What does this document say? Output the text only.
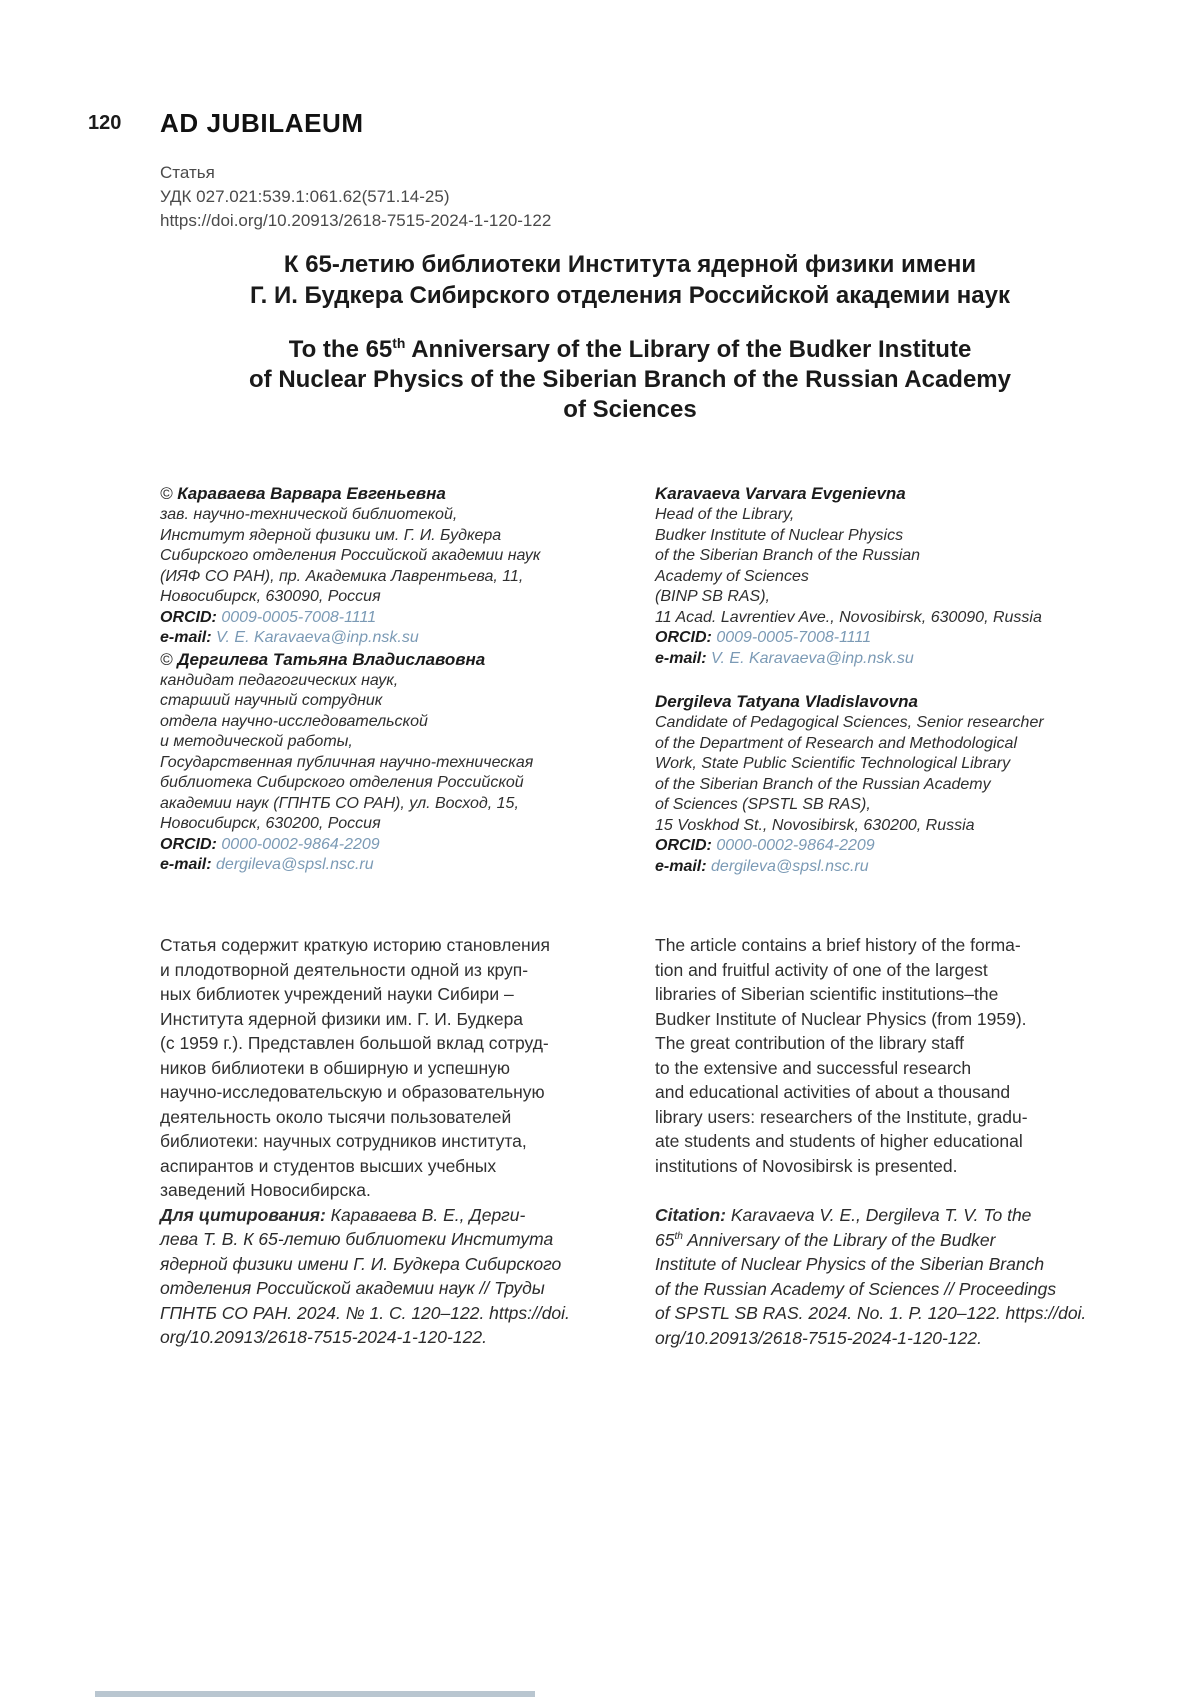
120 AD JUBILAEUM
Статья
УДК 027.021:539.1:061.62(571.14-25)
https://doi.org/10.20913/2618-7515-2024-1-120-122
К 65-летию библиотеки Института ядерной физики имени
Г. И. Будкера Сибирского отделения Российской академии наук
To the 65th Anniversary of the Library of the Budker Institute
of Nuclear Physics of the Siberian Branch of the Russian Academy
of Sciences
© Караваева Варвара Евгеньевна
зав. научно-технической библиотекой,
Институт ядерной физики им. Г. И. Будкера
Сибирского отделения Российской академии наук
(ИЯФ СО РАН), пр. Академика Лаврентьева, 11,
Новосибирск, 630090, Россия
ORCID: 0009-0005-7008-1111
e-mail: V. E. Karavaeva@inp.nsk.su
© Дергилева Татьяна Владиславовна
кандидат педагогических наук,
старший научный сотрудник
отдела научно-исследовательской
и методической работы,
Государственная публичная научно-техническая
библиотека Сибирского отделения Российской
академии наук (ГПНТБ СО РАН), ул. Восход, 15,
Новосибирск, 630200, Россия
ORCID: 0000-0002-9864-2209
e-mail: dergileva@spsl.nsc.ru
Karavaeva Varvara Evgenievna
Head of the Library,
Budker Institute of Nuclear Physics
of the Siberian Branch of the Russian
Academy of Sciences
(BINP SB RAS),
11 Acad. Lavrentiev Ave., Novosibirsk, 630090, Russia
ORCID: 0009-0005-7008-1111
e-mail: V. E. Karavaeva@inp.nsk.su
Dergileva Tatyana Vladislavovna
Candidate of Pedagogical Sciences, Senior researcher
of the Department of Research and Methodological
Work, State Public Scientific Technological Library
of the Siberian Branch of the Russian Academy
of Sciences (SPSTL SB RAS),
15 Voskhod St., Novosibirsk, 630200, Russia
ORCID: 0000-0002-9864-2209
e-mail: dergileva@spsl.nsc.ru
Статья содержит краткую историю становления
и плодотворной деятельности одной из круп-
ных библиотек учреждений науки Сибири –
Института ядерной физики им. Г. И. Будкера
(с 1959 г.). Представлен большой вклад сотруд-
ников библиотеки в обширную и успешную
научно-исследовательскую и образовательную
деятельность около тысячи пользователей
библиотеки: научных сотрудников института,
аспирантов и студентов высших учебных
заведений Новосибирска.

Для цитирования: Караваева В. Е., Дерги-
лева Т. В. К 65-летию библиотеки Института
ядерной физики имени Г. И. Будкера Сибирского
отделения Российской академии наук // Труды
ГПНТБ СО РАН. 2024. № 1. С. 120–122. https://doi.
org/10.20913/2618-7515-2024-1-120-122.

The article contains a brief history of the forma-
tion and fruitful activity of one of the largest
libraries of Siberian scientific institutions–the
Budker Institute of Nuclear Physics (from 1959).
The great contribution of the library staff
to the extensive and successful research
and educational activities of about a thousand
library users: researchers of the Institute, gradu-
ate students and students of higher educational
institutions of Novosibirsk is presented.

Citation: Karavaeva V. E., Dergileva T. V. To the
65th Anniversary of the Library of the Budker
Institute of Nuclear Physics of the Siberian Branch
of the Russian Academy of Sciences // Proceedings
of SPSTL SB RAS. 2024. No. 1. P. 120–122. https://doi.
org/10.20913/2618-7515-2024-1-120-122.
